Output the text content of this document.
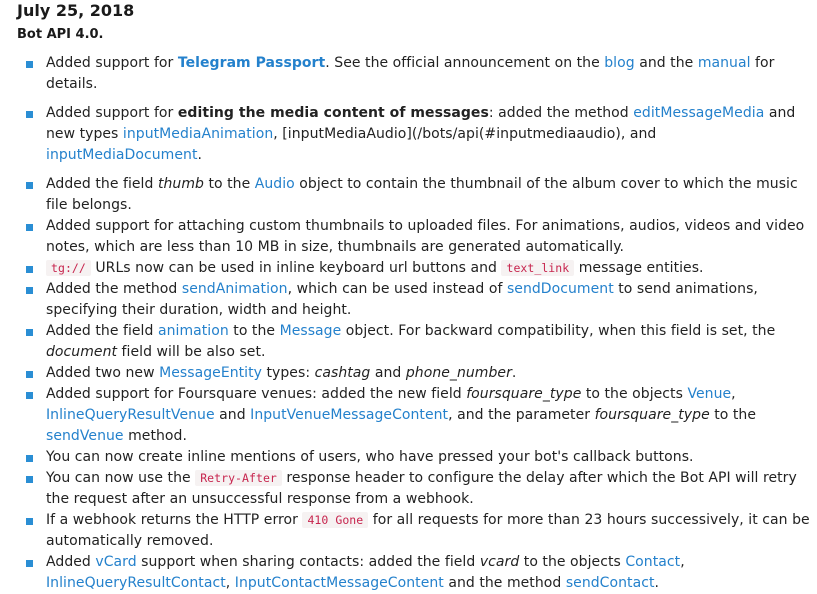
July 25, 2018

Bot API 4.0.

Added support for Telegram Passport. See the official announcement on the blog and the manual for details.
Added support for editing the media content of messages: added the method editMessageMedia and new types inputMediaAnimation, [inputMediaAudio](/bots/api(#inputmediaaudio), and inputMediaDocument.
Added the field thumb to the Audio object to contain the thumbnail of the album cover to which the music file belongs.
Added support for attaching custom thumbnails to uploaded files. For animations, audios, videos and video notes, which are less than 10 MB in size, thumbnails are generated automatically.
tg:// URLs now can be used in inline keyboard url buttons and text_link message entities.
Added the method sendAnimation, which can be used instead of sendDocument to send animations, specifying their duration, width and height.
Added the field animation to the Message object. For backward compatibility, when this field is set, the document field will be also set.
Added two new MessageEntity types: cashtag and phone_number.
Added support for Foursquare venues: added the new field foursquare_type to the objects Venue, InlineQueryResultVenue and InputVenueMessageContent, and the parameter foursquare_type to the sendVenue method.
You can now create inline mentions of users, who have pressed your bot's callback buttons.
You can now use the Retry-After response header to configure the delay after which the Bot API will retry the request after an unsuccessful response from a webhook.
If a webhook returns the HTTP error 410 Gone for all requests for more than 23 hours successively, it can be automatically removed.
Added vCard support when sharing contacts: added the field vcard to the objects Contact, InlineQueryResultContact, InputContactMessageContent and the method sendContact.
